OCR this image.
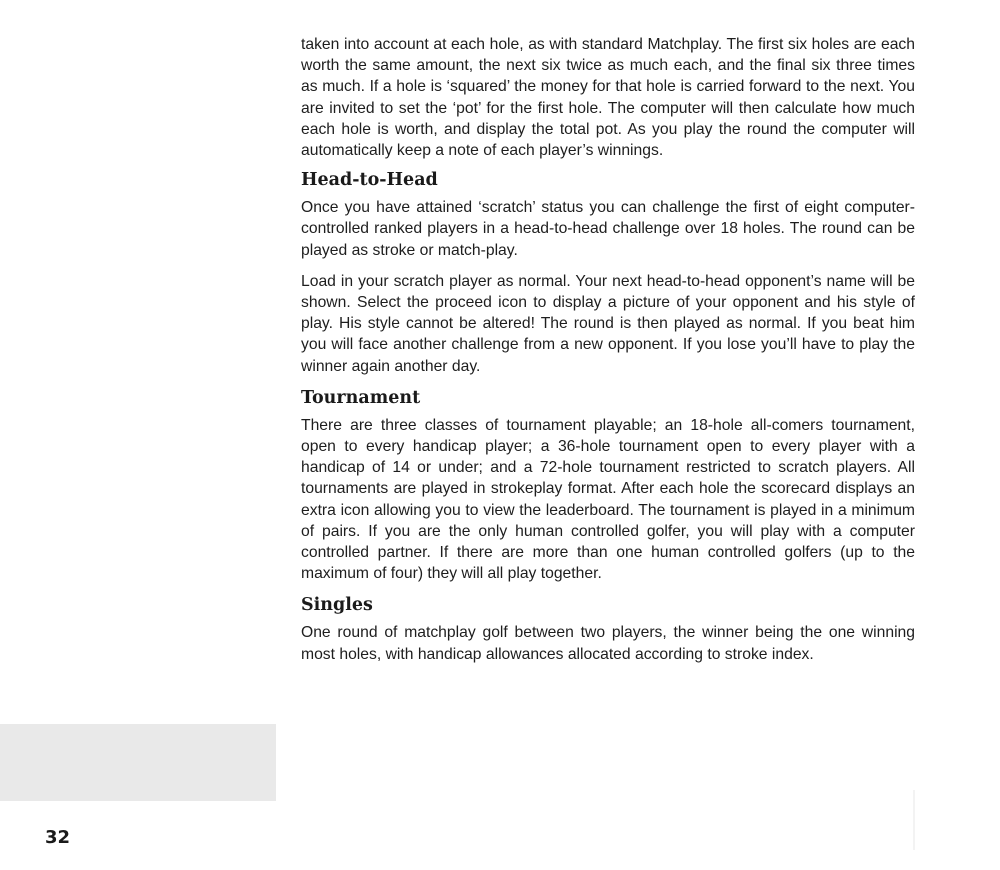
taken into account at each hole, as with standard Matchplay. The first six holes are each worth the same amount, the next six twice as much each, and the final six three times as much. If a hole is ‘squared’ the money for that hole is carried forward to the next. You are invited to set the ‘pot’ for the first hole. The computer will then calculate how much each hole is worth, and display the total pot. As you play the round the computer will automatically keep a note of each player’s winnings.

Head-to-Head

Once you have attained ‘scratch’ status you can challenge the first of eight computer-controlled ranked players in a head-to-head challenge over 18 holes. The round can be played as stroke or match-play.

Load in your scratch player as normal. Your next head-to-head opponent’s name will be shown. Select the proceed icon to display a picture of your opponent and his style of play. His style cannot be altered! The round is then played as normal. If you beat him you will face another challenge from a new opponent. If you lose you’ll have to play the winner again another day.

Tournament

There are three classes of tournament playable; an 18-hole all-comers tournament, open to every handicap player; a 36-hole tournament open to every player with a handicap of 14 or under; and a 72-hole tournament restricted to scratch players. All tournaments are played in strokeplay format. After each hole the scorecard displays an extra icon allowing you to view the leaderboard. The tournament is played in a minimum of pairs. If you are the only human controlled golfer, you will play with a computer controlled partner. If there are more than one human controlled golfers (up to the maximum of four) they will all play together.

Singles

One round of matchplay golf between two players, the winner being the one winning most holes, with handicap allowances allocated according to stroke index.

32
